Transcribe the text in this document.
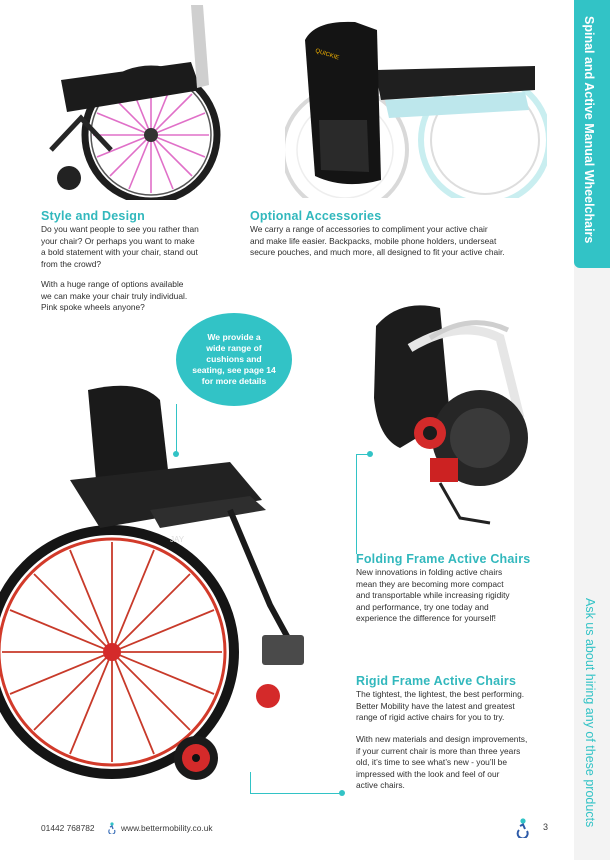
Spinal and Active Manual Wheelchairs
Ask us about hiring any of these products
QUICKIE
JAY
Style and Design
Do you want people to see you rather than
your chair? Or perhaps you want to make
a bold statement with your chair, stand out
from the crowd?
With a huge range of options available
we can make your chair truly individual.
Pink spoke wheels anyone?
Optional Accessories
We carry a range of accessories to compliment your active chair
and make life easier. Backpacks, mobile phone holders, underseat
secure pouches, and much more, all designed to fit your active chair.
We provide a
wide range of
cushions and
seating, see page 14
for more details
Folding Frame Active Chairs
New innovations in folding active chairs
mean they are becoming more compact
and transportable while increasing rigidity
and performance, try one today and
experience the difference for yourself!
Rigid Frame Active Chairs
The tightest, the lightest, the best performing.
Better Mobility have the latest and greatest
range of rigid active chairs for you to try.
With new materials and design improvements,
if your current chair is more than three years
old, it’s time to see what’s new - you’ll be
impressed with the look and feel of our
active chairs.
01442 768782	www.bettermobility.co.uk	3
